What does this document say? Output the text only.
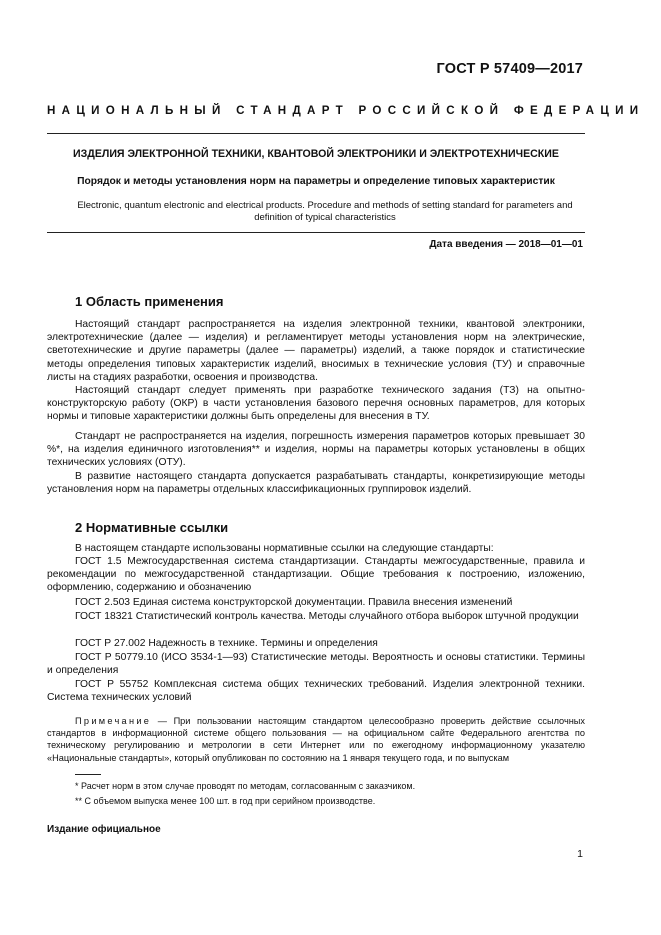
ГОСТ Р 57409—2017
НАЦИОНАЛЬНЫЙ СТАНДАРТ РОССИЙСКОЙ ФЕДЕРАЦИИ
ИЗДЕЛИЯ ЭЛЕКТРОННОЙ ТЕХНИКИ, КВАНТОВОЙ ЭЛЕКТРОНИКИ И ЭЛЕКТРОТЕХНИЧЕСКИЕ
Порядок и методы установления норм на параметры и определение типовых характеристик
Electronic, quantum electronic and electrical products. Procedure and methods of setting standard for parameters and definition of typical characteristics
Дата введения — 2018—01—01
1 Область применения

Настоящий стандарт распространяется на изделия электронной техники, квантовой электроники, электротехнические (далее — изделия) и регламентирует методы установления норм на электрические, светотехнические и другие параметры (далее — параметры) изделий, а также порядок и статистические методы определения типовых характеристик изделий, вносимых в технические условия (ТУ) и справочные листы на стадиях разработки, освоения и производства.

Настоящий стандарт следует применять при разработке технического задания (ТЗ) на опытно-конструкторскую работу (ОКР) в части установления базового перечня основных параметров, для которых нормы и типовые характеристики должны быть определены для внесения в ТУ.

Стандарт не распространяется на изделия, погрешность измерения параметров которых превышает 30 %*, на изделия единичного изготовления** и изделия, нормы на параметры которых установлены в общих технических условиях (ОТУ).

В развитие настоящего стандарта допускается разрабатывать стандарты, конкретизирующие методы установления норм на параметры отдельных классификационных группировок изделий.

2 Нормативные ссылки

В настоящем стандарте использованы нормативные ссылки на следующие стандарты:

ГОСТ 1.5 Межгосударственная система стандартизации. Стандарты межгосударственные, правила и рекомендации по межгосударственной стандартизации. Общие требования к построению, изложению, оформлению, содержанию и обозначению

ГОСТ 2.503 Единая система конструкторской документации. Правила внесения изменений

ГОСТ 18321 Статистический контроль качества. Методы случайного отбора выборок штучной продукции

ГОСТ Р 27.002 Надежность в технике. Термины и определения

ГОСТ Р 50779.10 (ИСО 3534-1—93) Статистические методы. Вероятность и основы статистики. Термины и определения

ГОСТ Р 55752 Комплексная система общих технических требований. Изделия электронной техники. Система технических условий

Примечание — При пользовании настоящим стандартом целесообразно проверить действие ссылочных стандартов в информационной системе общего пользования — на официальном сайте Федерального агентства по техническому регулированию и метрологии в сети Интернет или по ежегодному информационному указателю «Национальные стандарты», который опубликован по состоянию на 1 января текущего года, и по выпускам
* Расчет норм в этом случае проводят по методам, согласованным с заказчиком.
** С объемом выпуска менее 100 шт. в год при серийном производстве.
Издание официальное
1
